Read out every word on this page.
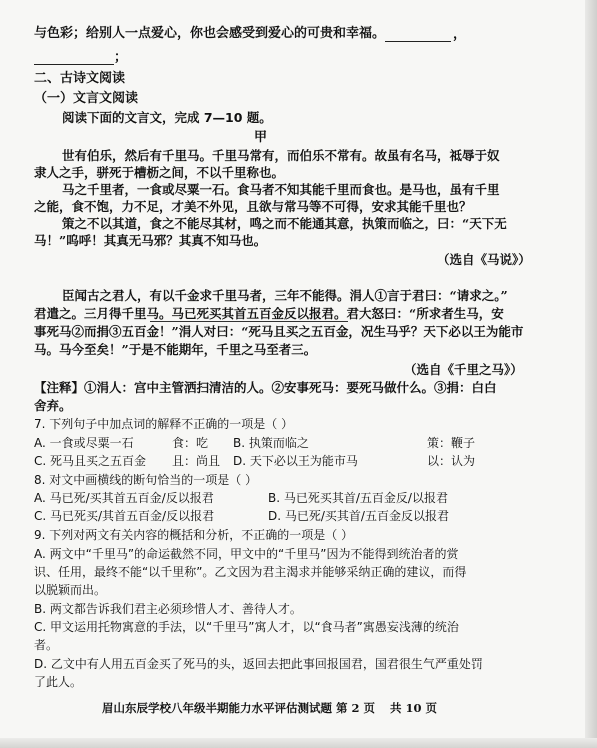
与色彩；给别人一点爱心，你也会感受到爱心的可贵和幸福。	，
；
二、古诗文阅读
（一）文言文阅读
阅读下面的文言文，完成 7—10 题。
甲
世有伯乐，然后有千里马。千里马常有，而伯乐不常有。故虽有名马，祗辱于奴
隶人之手，骈死于槽枥之间，不以千里称也。
马之千里者，一食或尽粟一石。食马者不知其能千里而食也。是马也，虽有千里
之能，食不饱，力不足，才美不外见，且欲与常马等不可得，安求其能千里也？
策之不以其道，食之不能尽其材，鸣之而不能通其意，执策而临之，曰：“天下无
马！”呜呼！其真无马邪？其真不知马也。
（选自《马说》）
臣闻古之君人，有以千金求千里马者，三年不能得。涓人①言于君曰：“请求之。”
君遣之。三月得千里马。马已死买其首五百金反以报君。君大怒曰：“所求者生马，安
事死马②而捐③五百金！”涓人对曰：“死马且买之五百金，况生马乎？天下必以王为能市
马。马今至矣！”于是不能期年，千里之马至者三。
（选自《千里之马》）
【注释】①涓人：宫中主管洒扫清洁的人。②安事死马：要死马做什么。③捐：白白
舍弃。
7. 下列句子中加点词的解释不正确的一项是（ ）
A. 一食或尽粟一石	食：吃 B. 执策而临之	策：鞭子
C. 死马且买之五百金 且：尚且 D. 天下必以王为能市马	以：认为
8. 对文中画横线的断句恰当的一项是（ ）
A. 马已死/买其首五百金/反以报君	B. 马已死买其首/五百金反/以报君
C. 马已死买/其首五百金/反以报君	D. 马已死/买其首/五百金反以报君
9. 下列对两文有关内容的概括和分析，不正确的一项是（ ）
A. 两文中“千里马”的命运截然不同，甲文中的“千里马”因为不能得到统治者的赏
识、任用，最终不能“以千里称”。乙文因为君主渴求并能够采纳正确的建议，而得
以脱颖而出。
B. 两文都告诉我们君主必须珍惜人才、善待人才。
C. 甲文运用托物寓意的手法，以“千里马”寓人才，以“食马者”寓愚妄浅薄的统治
者。
D. 乙文中有人用五百金买了死马的头，返回去把此事回报国君，国君很生气严重处罚
了此人。
眉山东辰学校八年级半期能力水平评估测试题 第 2 页 共 10 页
